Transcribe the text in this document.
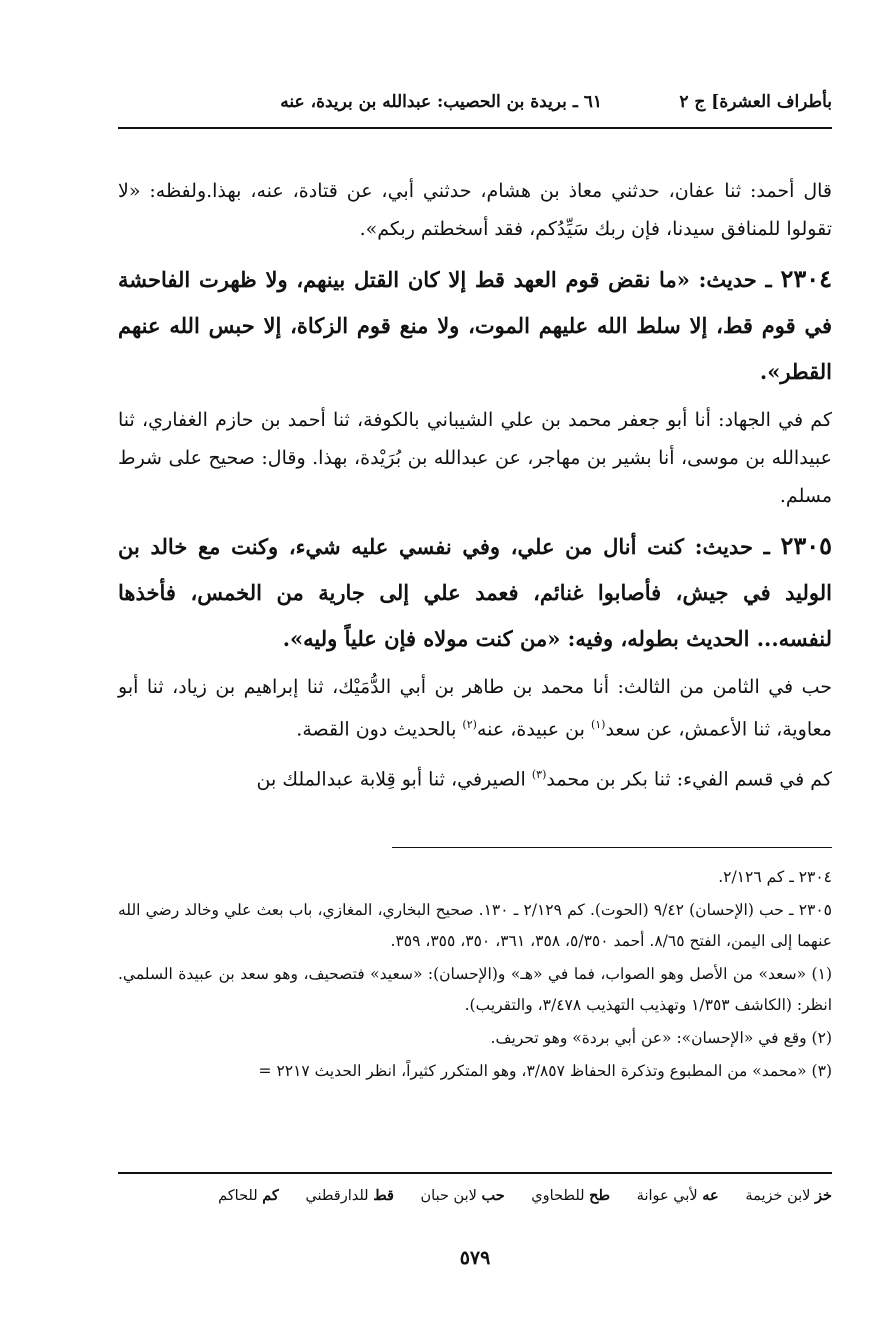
بأطراف العشرة] ج ٢
٦١ ـ بريدة بن الحصيب: عبدالله بن بريدة، عنه

قال أحمد: ثنا عفان، حدثني معاذ بن هشام، حدثني أبي، عن قتادة، عنه، بهذا.ولفظه: «لا تقولوا للمنافق سيدنا، فإن ربك سَيِّدُكم، فقد أسخطتم ربكم».

٢٣٠٤ ـ حديث: «ما نقض قوم العهد قط إلا كان القتل بينهم، ولا ظهرت الفاحشة في قوم قط، إلا سلط الله عليهم الموت، ولا منع قوم الزكاة، إلا حبس الله عنهم القطر».

كم في الجهاد: أنا أبو جعفر محمد بن علي الشيباني بالكوفة، ثنا أحمد بن حازم الغفاري، ثنا عبيدالله بن موسى، أنا بشير بن مهاجر، عن عبدالله بن بُرَيْدة، بهذا. وقال: صحيح على شرط مسلم.

٢٣٠٥ ـ حديث: كنت أنال من علي، وفي نفسي عليه شيء، وكنت مع خالد بن الوليد في جيش، فأصابوا غنائم، فعمد علي إلى جارية من الخمس، فأخذها لنفسه... الحديث بطوله، وفيه: «من كنت مولاه فإن علياً وليه».

حب في الثامن من الثالث: أنا محمد بن طاهر بن أبي الدُّمَيْك، ثنا إبراهيم بن زياد، ثنا أبو معاوية، ثنا الأعمش، عن سعد$^{(١)}$ بن عبيدة، عنه$^{(٢)}$ بالحديث دون القصة.

كم في قسم الفيء: ثنا بكر بن محمد$^{(٣)}$ الصيرفي، ثنا أبو قِلابة عبدالملك بن

٢٣٠٤ ـ كم ٢/١٢٦.

٢٣٠٥ ـ حب (الإحسان) ٩/٤٢ (الحوت). كم ٢/١٢٩ ـ ١٣٠. صحيح البخاري، المغازي، باب بعث علي وخالد رضي الله عنهما إلى اليمن، الفتح ٨/٦٥. أحمد ٥/٣٥٠، ٣٥٨، ٣٦١، ٣٥٠، ٣٥٥، ٣٥٩.

(١) «سعد» من الأصل وهو الصواب، فما في «هـ» و(الإحسان): «سعيد» فتصحيف، وهو سعد بن عبيدة السلمي. انظر: (الكاشف ١/٣٥٣ وتهذيب التهذيب ٣/٤٧٨، والتقريب).

(٢) وقع في «الإحسان»: «عن أبي بردة» وهو تحريف.

(٣) «محمد» من المطبوع وتذكرة الحفاظ ٣/٨٥٧، وهو المتكرر كثيراً، انظر الحديث ٢٢١٧ =

خز لابن خزيمة عه لأبي عوانة طح للطحاوي حب لابن حبان قط للدارقطني كم للحاكم
٥٧٩
